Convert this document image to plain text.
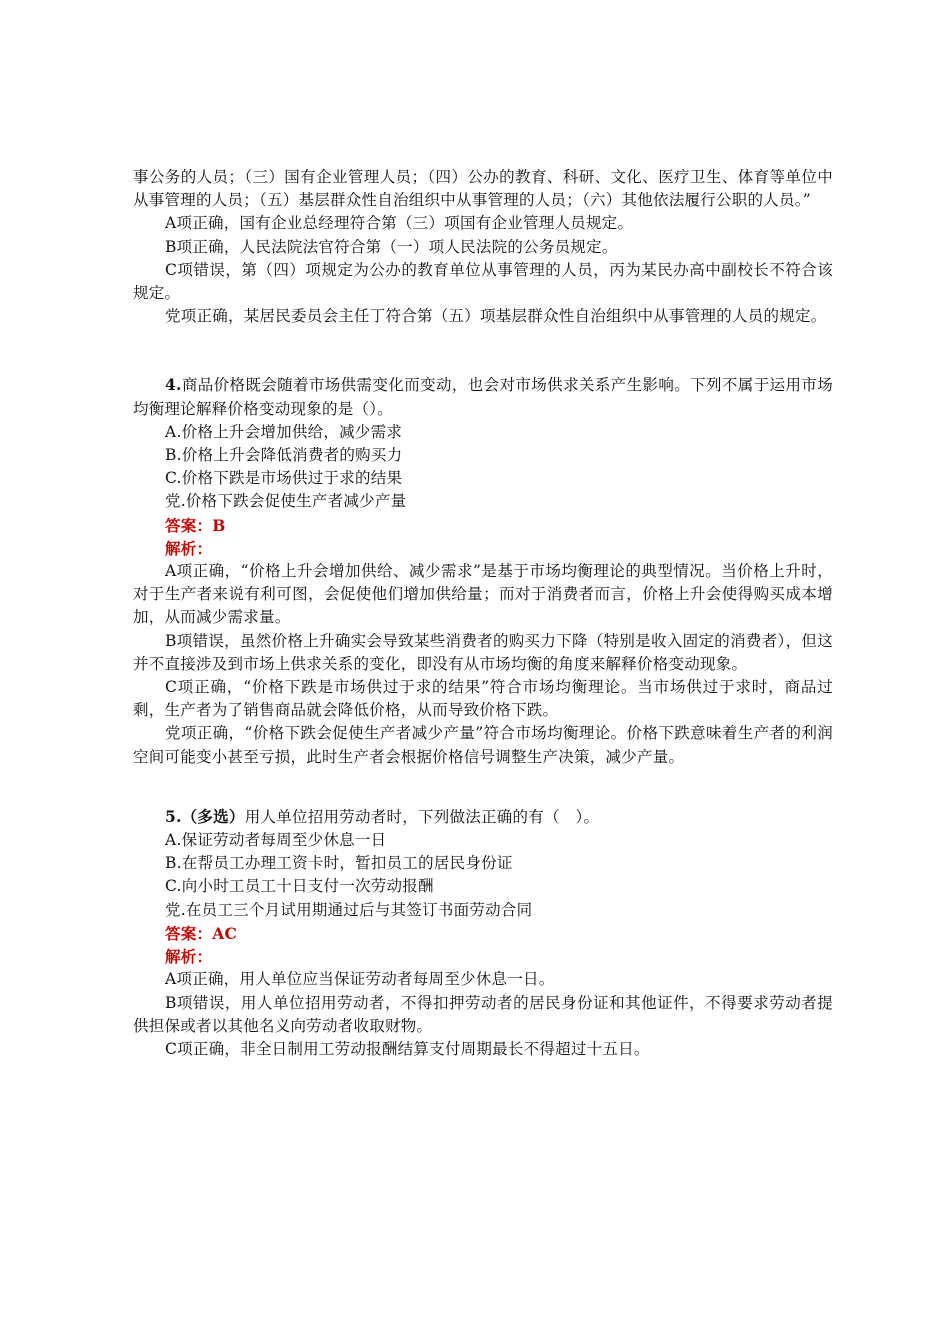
事公务的人员；（三）国有企业管理人员；（四）公办的教育、科研、文化、医疗卫生、体育等单位中从事管理的人员；（五）基层群众性自治组织中从事管理的人员；（六）其他依法履行公职的人员。”

A项正确，国有企业总经理符合第（三）项国有企业管理人员规定。

B项正确，人民法院法官符合第（一）项人民法院的公务员规定。

C项错误，第（四）项规定为公办的教育单位从事管理的人员，丙为某民办高中副校长不符合该规定。

党项正确，某居民委员会主任丁符合第（五）项基层群众性自治组织中从事管理的人员的规定。

4.商品价格既会随着市场供需变化而变动，也会对市场供求关系产生影响。下列不属于运用市场均衡理论解释价格变动现象的是（）。

A.价格上升会增加供给，减少需求

B.价格上升会降低消费者的购买力

C.价格下跌是市场供过于求的结果

党.价格下跌会促使生产者减少产量

答案：B

解析：

A项正确，“价格上升会增加供给、减少需求”是基于市场均衡理论的典型情况。当价格上升时，对于生产者来说有利可图，会促使他们增加供给量；而对于消费者而言，价格上升会使得购买成本增加，从而减少需求量。

B项错误，虽然价格上升确实会导致某些消费者的购买力下降（特别是收入固定的消费者），但这并不直接涉及到市场上供求关系的变化，即没有从市场均衡的角度来解释价格变动现象。

C项正确，“价格下跌是市场供过于求的结果”符合市场均衡理论。当市场供过于求时，商品过剩，生产者为了销售商品就会降低价格，从而导致价格下跌。

党项正确，“价格下跌会促使生产者减少产量”符合市场均衡理论。价格下跌意味着生产者的利润空间可能变小甚至亏损，此时生产者会根据价格信号调整生产决策，减少产量。

5.（多选）用人单位招用劳动者时，下列做法正确的有（　）。

A.保证劳动者每周至少休息一日

B.在帮员工办理工资卡时，暂扣员工的居民身份证

C.向小时工员工十日支付一次劳动报酬

党.在员工三个月试用期通过后与其签订书面劳动合同

答案：AC

解析：

A项正确，用人单位应当保证劳动者每周至少休息一日。

B项错误，用人单位招用劳动者，不得扣押劳动者的居民身份证和其他证件，不得要求劳动者提供担保或者以其他名义向劳动者收取财物。

C项正确，非全日制用工劳动报酬结算支付周期最长不得超过十五日。
